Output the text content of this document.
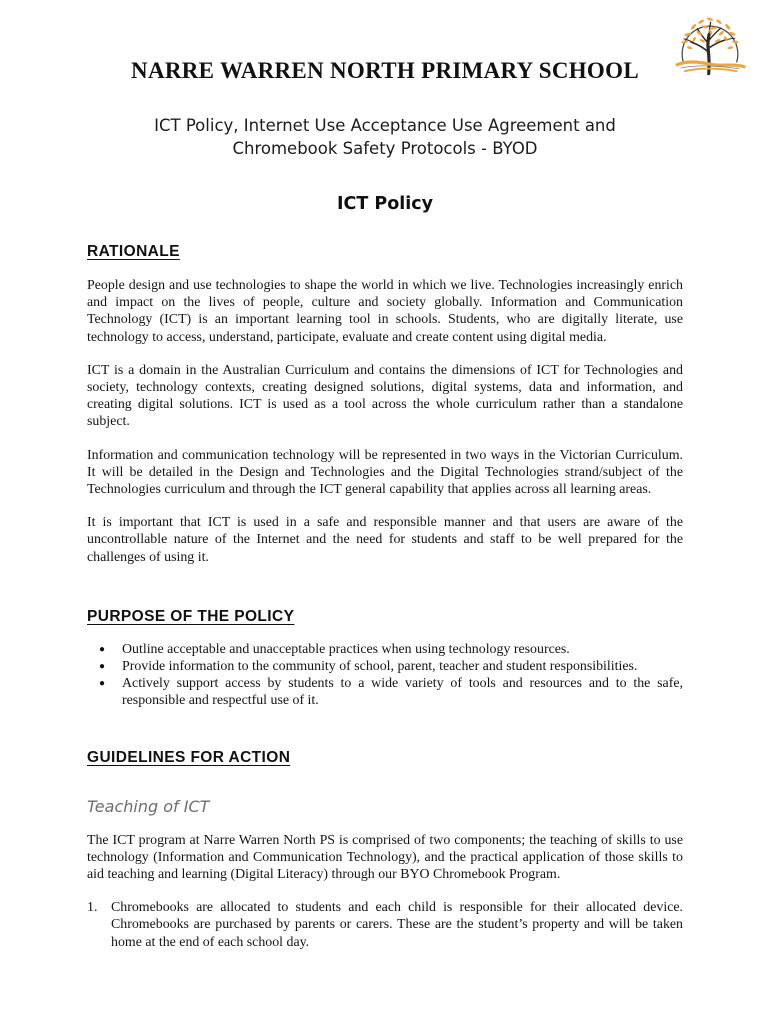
NARRE WARREN NORTH PRIMARY SCHOOL
ICT Policy, Internet Use Acceptance Use Agreement and
Chromebook Safety Protocols - BYOD
ICT Policy
RATIONALE

People design and use technologies to shape the world in which we live. Technologies increasingly enrich and impact on the lives of people, culture and society globally. Information and Communication Technology (ICT) is an important learning tool in schools. Students, who are digitally literate, use technology to access, understand, participate, evaluate and create content using digital media.

ICT is a domain in the Australian Curriculum and contains the dimensions of ICT for Technologies and society, technology contexts, creating designed solutions, digital systems, data and information, and creating digital solutions. ICT is used as a tool across the whole curriculum rather than a standalone subject.

Information and communication technology will be represented in two ways in the Victorian Curriculum. It will be detailed in the Design and Technologies and the Digital Technologies strand/subject of the Technologies curriculum and through the ICT general capability that applies across all learning areas.

It is important that ICT is used in a safe and responsible manner and that users are aware of the uncontrollable nature of the Internet and the need for students and staff to be well prepared for the challenges of using it.

PURPOSE OF THE POLICY
●	Outline acceptable and unacceptable practices when using technology resources.
●	Provide information to the community of school, parent, teacher and student responsibilities.
●	Actively support access by students to a wide variety of tools and resources and to the safe, responsible and respectful use of it.
GUIDELINES FOR ACTION
Teaching of ICT

The ICT program at Narre Warren North PS is comprised of two components; the teaching of skills to use technology (Information and Communication Technology), and the practical application of those skills to aid teaching and learning (Digital Literacy) through our BYO Chromebook Program.

1. Chromebooks are allocated to students and each child is responsible for their allocated device. Chromebooks are purchased by parents or carers. These are the student’s property and will be taken home at the end of each school day.
